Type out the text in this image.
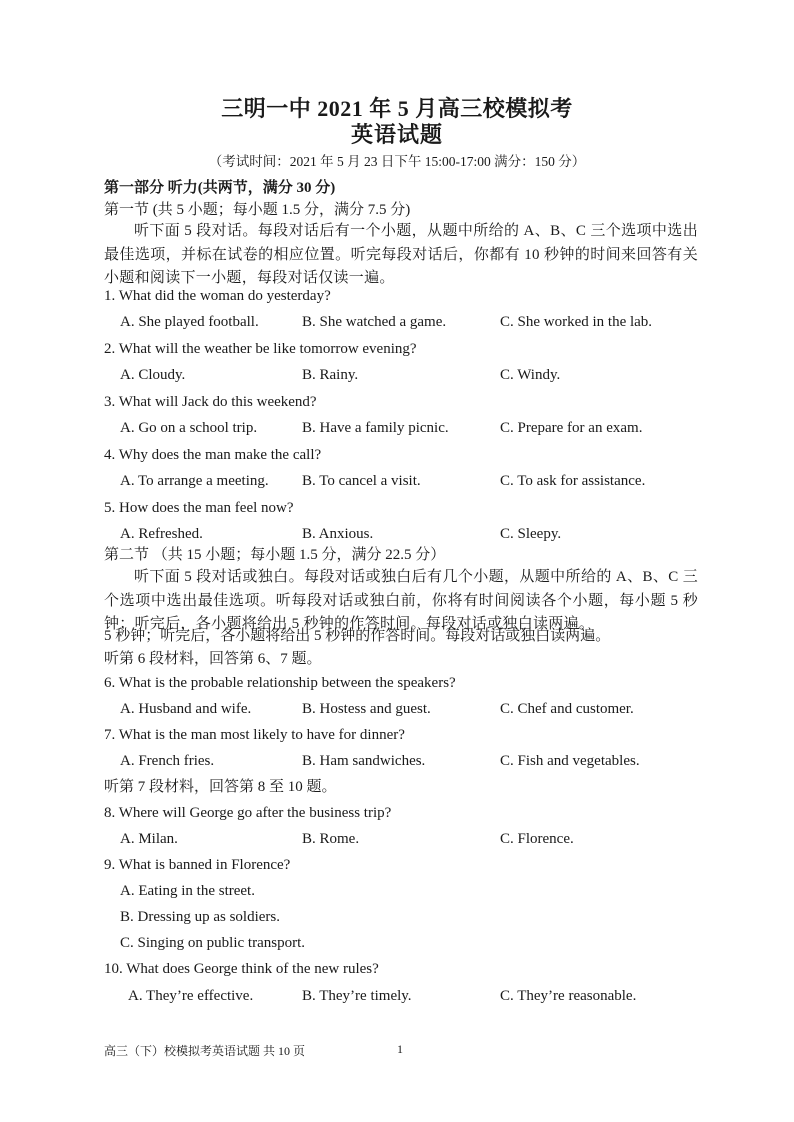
三明一中 2021 年 5 月高三校模拟考
英语试题
（考试时间：2021 年 5 月 23 日下午 15:00-17:00 满分：150 分）
第一部分 听力(共两节，满分 30 分)
第一节 (共 5 小题；每小题 1.5 分，满分 7.5 分)
听下面 5 段对话。每段对话后有一个小题，从题中所给的 A、B、C 三个选项中选出最佳选项，并标在试卷的相应位置。听完每段对话后，你都有 10 秒钟的时间来回答有关小题和阅读下一小题，每段对话仅读一遍。
1. What did the woman do yesterday?
A. She played football.	B. She watched a game.	C. She worked in the lab.
2. What will the weather be like tomorrow evening?
A. Cloudy.	B. Rainy.	C. Windy.
3. What will Jack do this weekend?
A. Go on a school trip.	B. Have a family picnic.	C. Prepare for an exam.
4. Why does the man make the call?
A. To arrange a meeting. B. To cancel a visit.	C. To ask for assistance.
5. How does the man feel now?
A. Refreshed.	B. Anxious.	C. Sleepy.
第二节 （共 15 小题；每小题 1.5 分，满分 22.5 分）
听下面 5 段对话或独白。每段对话或独白后有几个小题，从题中所给的 A、B、C 三个选项中选出最佳选项。听每段对话或独白前，你将有时间阅读各个小题，每小题 5 秒钟；听完后，各小题将给出 5 秒钟的作答时间。每段对话或独白读两遍。
5 秒钟；听完后，各小题将给出 5 秒钟的作答时间。每段对话或独白读两遍。
听第 6 段材料，回答第 6、7 题。
6. What is the probable relationship between the speakers?
A. Husband and wife.	B. Hostess and guest.	C. Chef and customer.
7. What is the man most likely to have for dinner?
A. French fries.	B. Ham sandwiches.	C. Fish and vegetables.
听第 7 段材料，回答第 8 至 10 题。
8. Where will George go after the business trip?
A. Milan.	B. Rome.	C. Florence.
9. What is banned in Florence?
A. Eating in the street.
B. Dressing up as soldiers.
C. Singing on public transport.
10. What does George think of the new rules?
A. They’re effective.	B. They’re timely.	C. They’re reasonable.
高三（下）校模拟考英语试题 共 10 页	1
